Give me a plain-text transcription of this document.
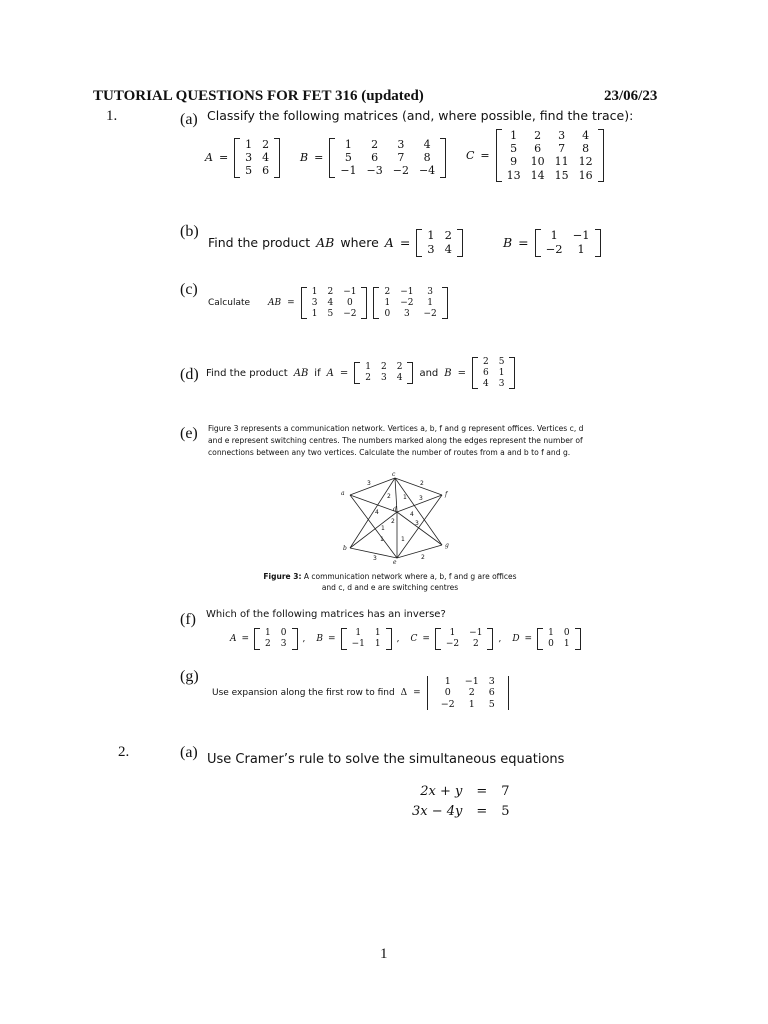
TUTORIAL QUESTIONS FOR FET 316 (updated)	23/06/23
1.	(a) Classify the following matrices (and, where possible, find the trace):
A =
1	2
3	4
5	6
B =
1	2	3	4
5	6	7	8
−1	−3	−2	−4
C =
1	2	3	4
5	6	7	8
9	10	11	12
13	14	15	16
(b)
Find the product AB where A =
1	2
3	4	B =
1	−1
−2	1
(c)
Calculate AB =
1	2	−1
3	4	0
1	5	−2
2	−1	3
1	−2	1
0	3	−2
(d) Find the product AB if A =
1	2	2
2	3	4 and B =
2	5
6	1
4	3
(e) Figure 3 represents a communication network. Vertices a, b, f and g represent offices. Vertices c, d and e represent switching centres. The numbers marked along the edges represent the number of connections between any two vertices. Calculate the number of routes from a and b to f and g.
a
b
c
d
e
f
g
3	2
2 1
4
3
1
1	1
3
2
3
4
2
Figure 3: A communication network where a, b, f and g are offices
and c, d and e are switching centres
(f) Which of the following matrices has an inverse?
A =
1	0
2	3 , B =
1	1
−1	1 , C =
1	−1
−2	2 , D =
1	0
0	1
(g)
Use expansion along the first row to find Δ =
1	−1	3
0	2	6
−2	1	5
2.	(a) Use Cramer’s rule to solve the simultaneous equations
2x + y	=	7
3x − 4y	=	5
1
